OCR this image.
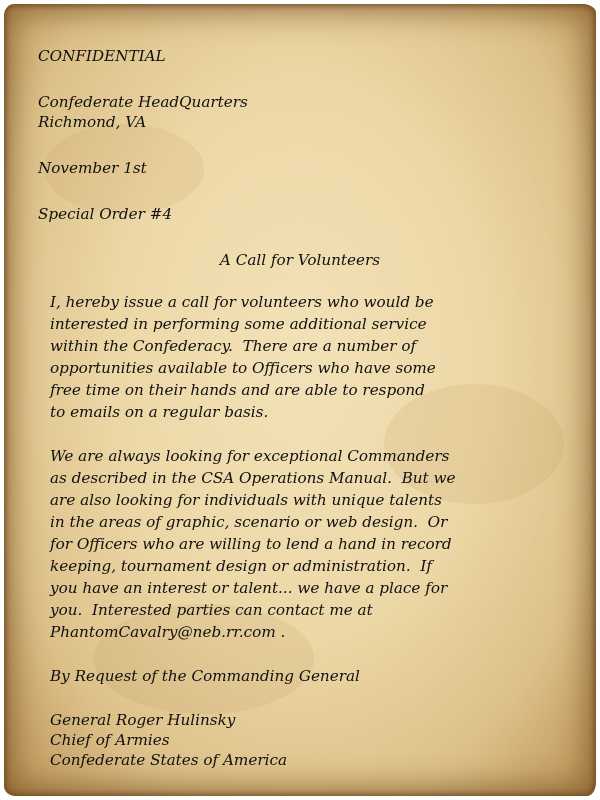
CONFIDENTIAL
Confederate HeadQuarters
Richmond, VA
November 1st
Special Order #4
A Call for Volunteers
I, hereby issue a call for volunteers who would be
interested in performing some additional service
within the Confederacy.  There are a number of
opportunities available to Officers who have some
free time on their hands and are able to respond
to emails on a regular basis.
We are always looking for exceptional Commanders
as described in the CSA Operations Manual.  But we
are also looking for individuals with unique talents
in the areas of graphic, scenario or web design.  Or
for Officers who are willing to lend a hand in record
keeping, tournament design or administration.  If
you have an interest or talent... we have a place for
you.  Interested parties can contact me at
PhantomCavalry@neb.rr.com .
By Request of the Commanding General
General Roger Hulinsky
Chief of Armies
Confederate States of America
